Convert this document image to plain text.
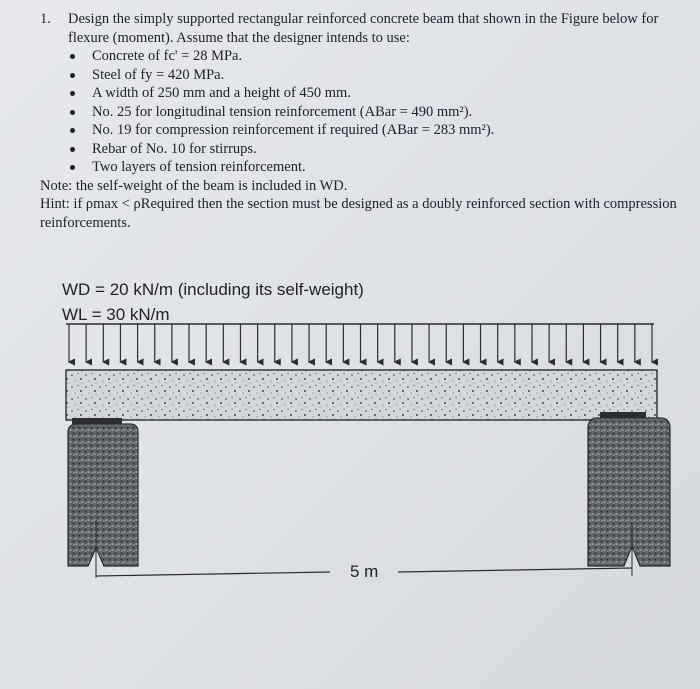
1. Design the simply supported rectangular reinforced concrete beam that shown in the Figure below for flexure (moment). Assume that the designer intends to use:
Concrete of fc' = 28 MPa.
Steel of fy = 420 MPa.
A width of 250 mm and a height of 450 mm.
No. 25 for longitudinal tension reinforcement (ABar = 490 mm²).
No. 19 for compression reinforcement if required (ABar = 283 mm²).
Rebar of No. 10 for stirrups.
Two layers of tension reinforcement.

Note: the self-weight of the beam is included in WD.

Hint: if ρmax < ρRequired then the section must be designed as a doubly reinforced section with compression reinforcements.

WD = 20 kN/m (including its self-weight)
WL = 30 kN/m
5 m
